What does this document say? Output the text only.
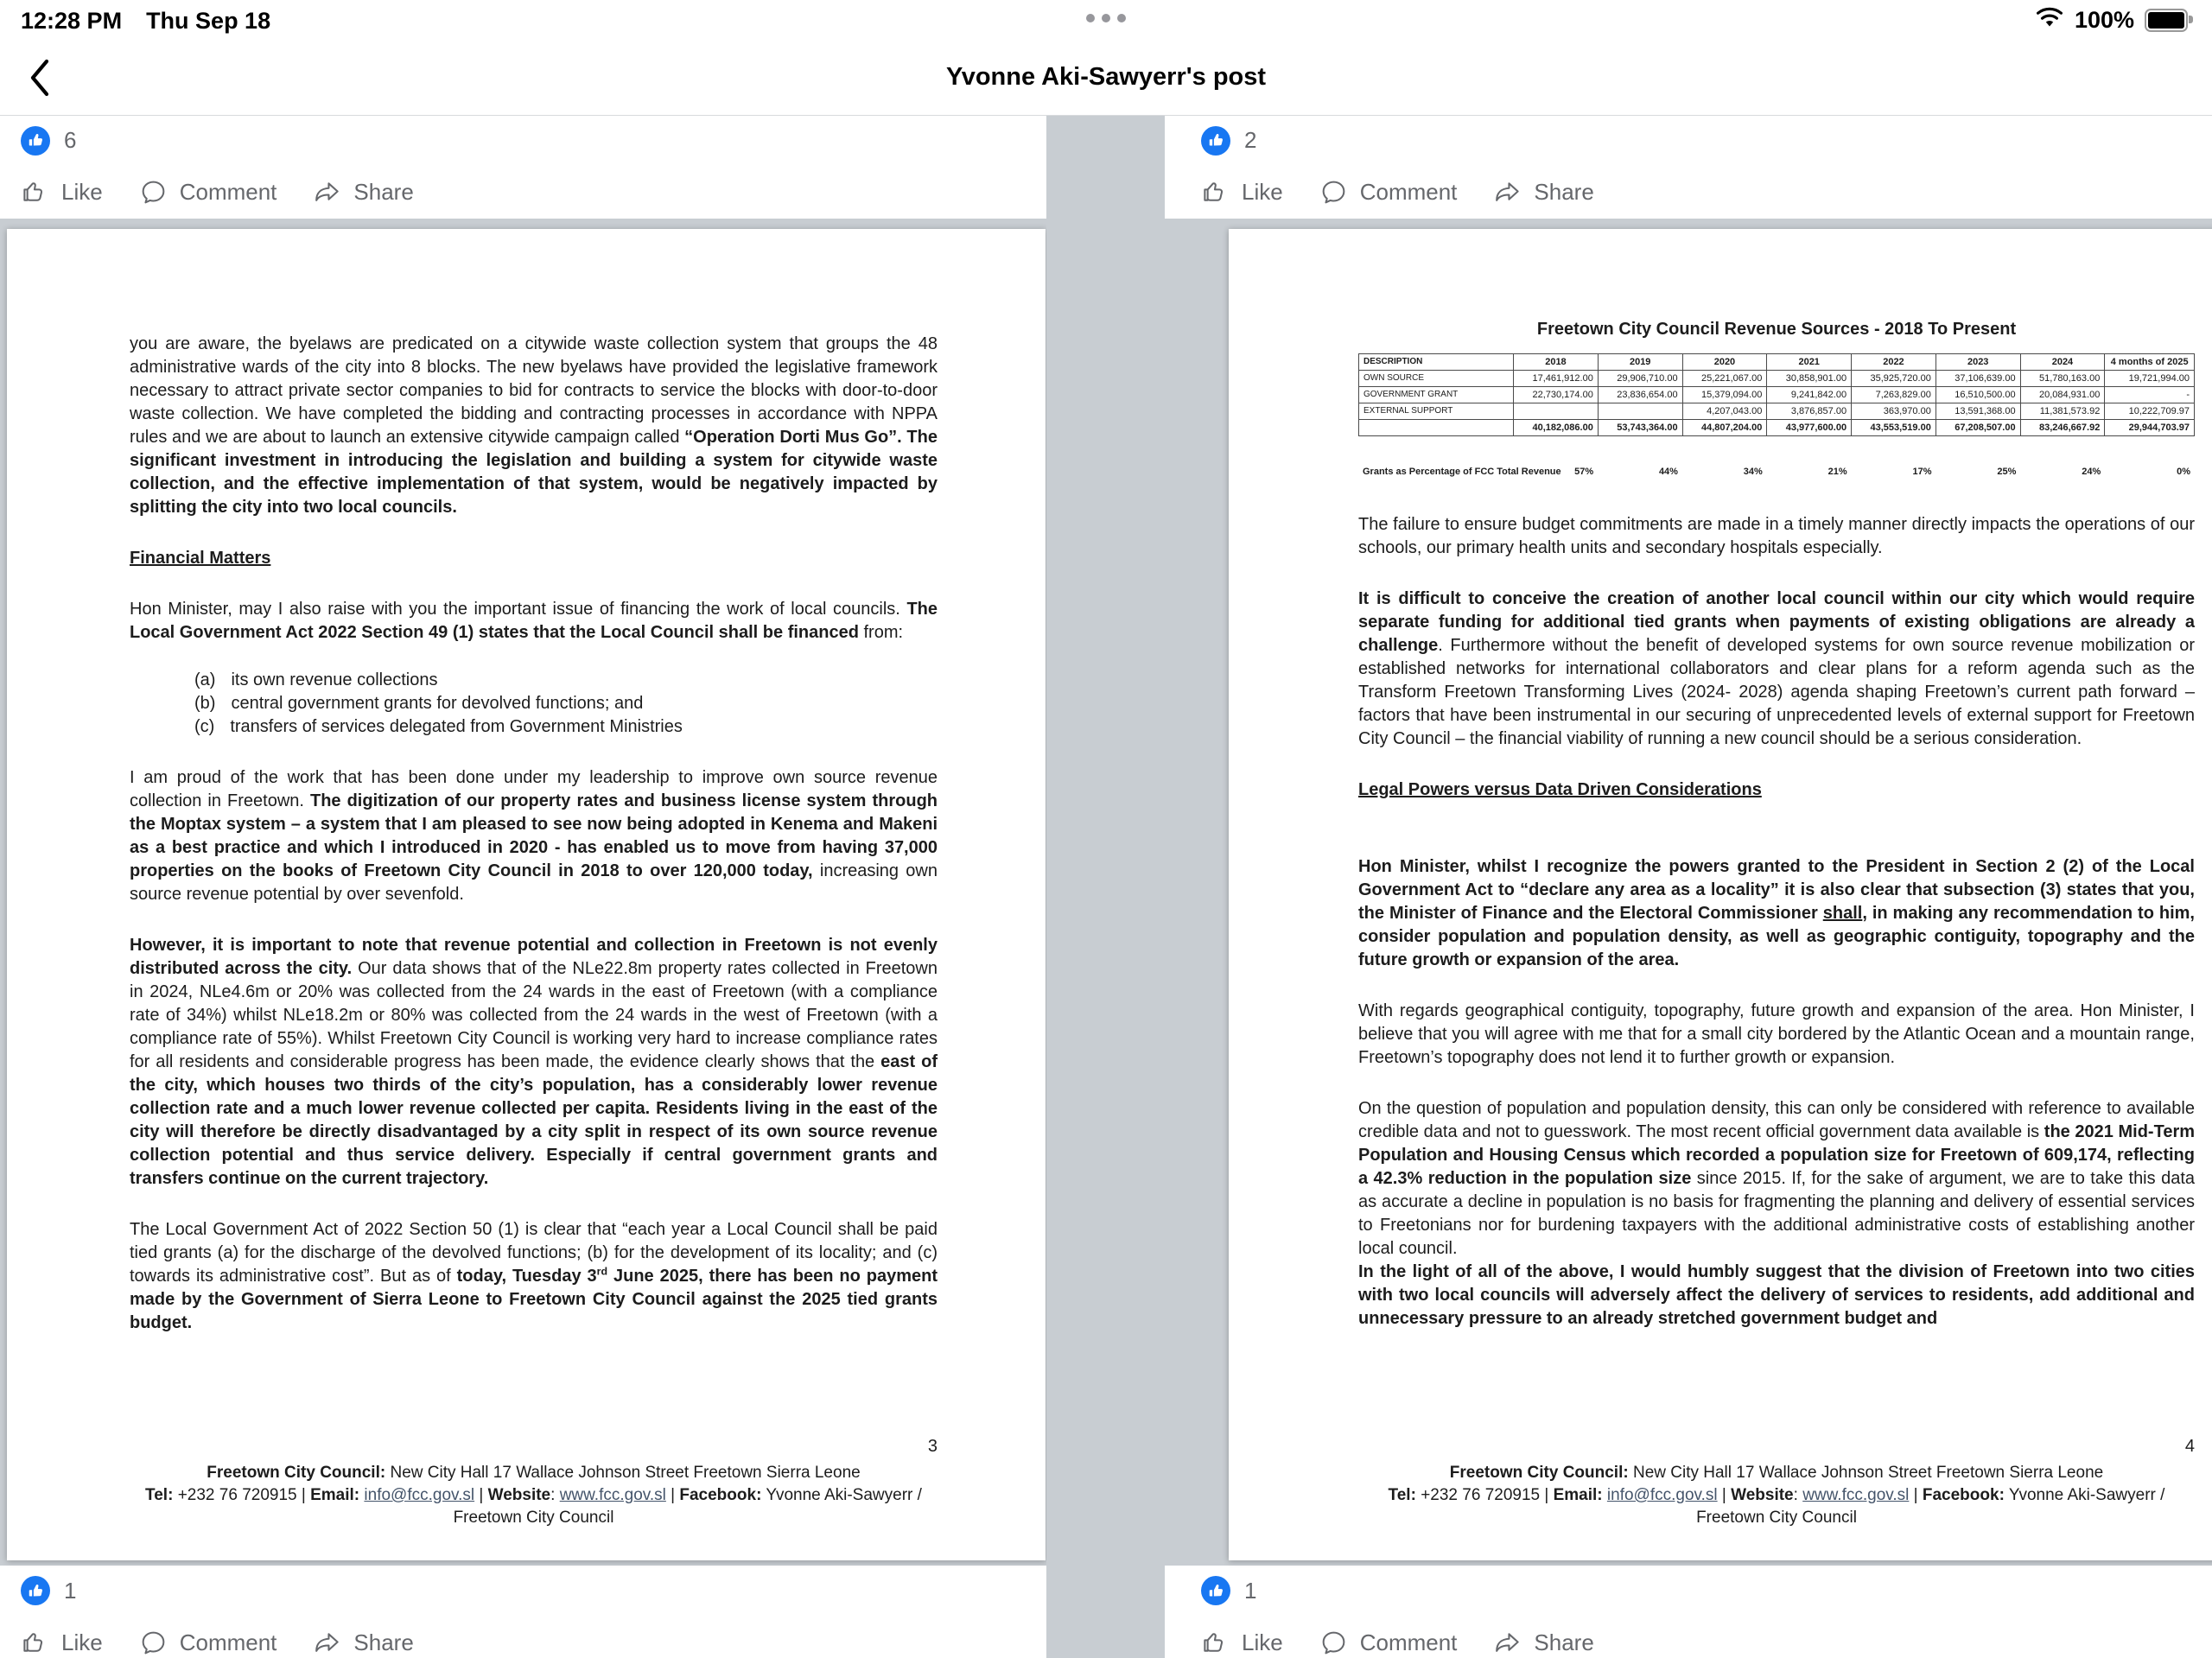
12:28 PM Thu Sep 18	100%
Yvonne Aki-Sawyerr's post
6
Like	Comment	Share
you are aware, the byelaws are predicated on a citywide waste collection system that groups the 48 administrative wards of the city into 8 blocks. The new byelaws have provided the legislative framework necessary to attract private sector companies to bid for contracts to service the blocks with door-to-door waste collection. We have completed the bidding and contracting processes in accordance with NPPA rules and we are about to launch an extensive citywide campaign called “Operation Dorti Mus Go”. The significant investment in introducing the legislation and building a system for citywide waste collection, and the effective implementation of that system, would be negatively impacted by splitting the city into two local councils.
Financial Matters
Hon Minister, may I also raise with you the important issue of financing the work of local councils. The Local Government Act 2022 Section 49 (1) states that the Local Council shall be financed from:
(a) its own revenue collections
(b) central government grants for devolved functions; and
(c) transfers of services delegated from Government Ministries
I am proud of the work that has been done under my leadership to improve own source revenue collection in Freetown. The digitization of our property rates and business license system through the Moptax system – a system that I am pleased to see now being adopted in Kenema and Makeni as a best practice and which I introduced in 2020 - has enabled us to move from having 37,000 properties on the books of Freetown City Council in 2018 to over 120,000 today, increasing own source revenue potential by over sevenfold.
However, it is important to note that revenue potential and collection in Freetown is not evenly distributed across the city. Our data shows that of the NLe22.8m property rates collected in Freetown in 2024, NLe4.6m or 20% was collected from the 24 wards in the east of Freetown (with a compliance rate of 34%) whilst NLe18.2m or 80% was collected from the 24 wards in the west of Freetown (with a compliance rate of 55%). Whilst Freetown City Council is working very hard to increase compliance rates for all residents and considerable progress has been made, the evidence clearly shows that the east of the city, which houses two thirds of the city’s population, has a considerably lower revenue collection rate and a much lower revenue collected per capita. Residents living in the east of the city will therefore be directly disadvantaged by a city split in respect of its own source revenue collection potential and thus service delivery. Especially if central government grants and transfers continue on the current trajectory.
The Local Government Act of 2022 Section 50 (1) is clear that “each year a Local Council shall be paid tied grants (a) for the discharge of the devolved functions; (b) for the development of its locality; and (c) towards its administrative cost”. But as of today, Tuesday 3rd June 2025, there has been no payment made by the Government of Sierra Leone to Freetown City Council against the 2025 tied grants budget.
3
Freetown City Council: New City Hall 17 Wallace Johnson Street Freetown Sierra Leone
Tel: +232 76 720915 | Email: info@fcc.gov.sl | Website: www.fcc.gov.sl | Facebook: Yvonne Aki-Sawyerr /
Freetown City Council
1
Like	Comment	Share
2
Like	Comment	Share
Freetown City Council Revenue Sources - 2018 To Present
DESCRIPTION	2018	2019	2020	2021	2022	2023	2024	4 months of 2025
OWN SOURCE	17,461,912.00	29,906,710.00	25,221,067.00	30,858,901.00	35,925,720.00	37,106,639.00	51,780,163.00	19,721,994.00
GOVERNMENT GRANT	22,730,174.00	23,836,654.00	15,379,094.00	9,241,842.00	7,263,829.00	16,510,500.00	20,084,931.00	-
EXTERNAL SUPPORT			4,207,043.00	3,876,857.00	363,970.00	13,591,368.00	11,381,573.92	10,222,709.97
	40,182,086.00	53,743,364.00	44,807,204.00	43,977,600.00	43,553,519.00	67,208,507.00	83,246,667.92	29,944,703.97
Grants as Percentage of FCC Total Revenue	57%	44%	34%	21%	17%	25%	24%	0%
The failure to ensure budget commitments are made in a timely manner directly impacts the operations of our schools, our primary health units and secondary hospitals especially.
It is difficult to conceive the creation of another local council within our city which would require separate funding for additional tied grants when payments of existing obligations are already a challenge. Furthermore without the benefit of developed systems for own source revenue mobilization or established networks for international collaborators and clear plans for a reform agenda such as the Transform Freetown Transforming Lives (2024- 2028) agenda shaping Freetown’s current path forward – factors that have been instrumental in our securing of unprecedented levels of external support for Freetown City Council – the financial viability of running a new council should be a serious consideration.
Legal Powers versus Data Driven Considerations
Hon Minister, whilst I recognize the powers granted to the President in Section 2 (2) of the Local Government Act to “declare any area as a locality” it is also clear that subsection (3) states that you, the Minister of Finance and the Electoral Commissioner shall, in making any recommendation to him, consider population and population density, as well as geographic contiguity, topography and the future growth or expansion of the area.
With regards geographical contiguity, topography, future growth and expansion of the area. Hon Minister, I believe that you will agree with me that for a small city bordered by the Atlantic Ocean and a mountain range, Freetown’s topography does not lend it to further growth or expansion.
On the question of population and population density, this can only be considered with reference to available credible data and not to guesswork. The most recent official government data available is the 2021 Mid-Term Population and Housing Census which recorded a population size for Freetown of 609,174, reflecting a 42.3% reduction in the population size since 2015. If, for the sake of argument, we are to take this data as accurate a decline in population is no basis for fragmenting the planning and delivery of essential services to Freetonians nor for burdening taxpayers with the additional administrative costs of establishing another local council.
In the light of all of the above, I would humbly suggest that the division of Freetown into two cities with two local councils will adversely affect the delivery of services to residents, add additional and unnecessary pressure to an already stretched government budget and
4
Freetown City Council: New City Hall 17 Wallace Johnson Street Freetown Sierra Leone
Tel: +232 76 720915 | Email: info@fcc.gov.sl | Website: www.fcc.gov.sl | Facebook: Yvonne Aki-Sawyerr /
Freetown City Council
1
Like	Comment	Share
